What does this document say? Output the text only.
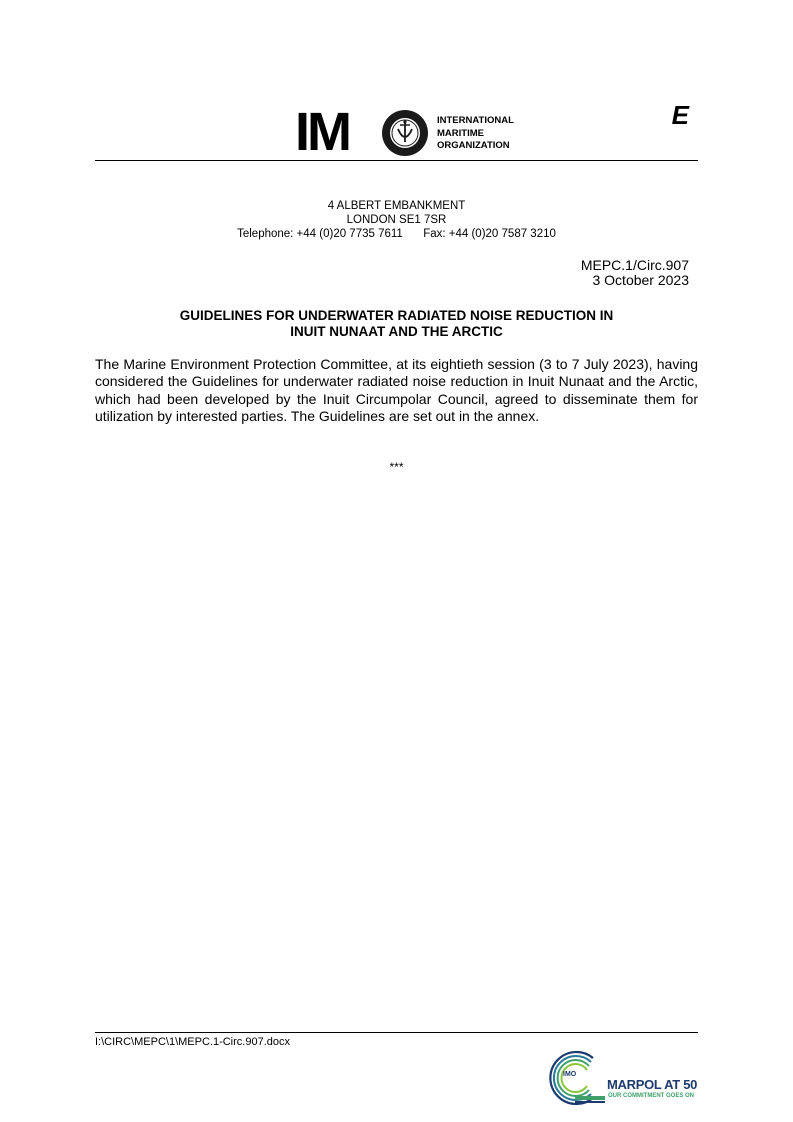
IM	INTERNATIONAL
MARITIME
ORGANIZATION
E
4 ALBERT EMBANKMENT
LONDON SE1 7SR
Telephone: +44 (0)20 7735 7611 Fax: +44 (0)20 7587 3210
MEPC.1/Circ.907
3 October 2023
GUIDELINES FOR UNDERWATER RADIATED NOISE REDUCTION IN
INUIT NUNAAT AND THE ARCTIC
The Marine Environment Protection Committee, at its eightieth session (3 to 7 July 2023), having considered the Guidelines for underwater radiated noise reduction in Inuit Nunaat and the Arctic, which had been developed by the Inuit Circumpolar Council, agreed to disseminate them for utilization by interested parties. The Guidelines are set out in the annex.
***
I:\CIRC\MEPC\1\MEPC.1-Circ.907.docx
IMO
MARPOL AT 50
OUR COMMITMENT GOES ON
